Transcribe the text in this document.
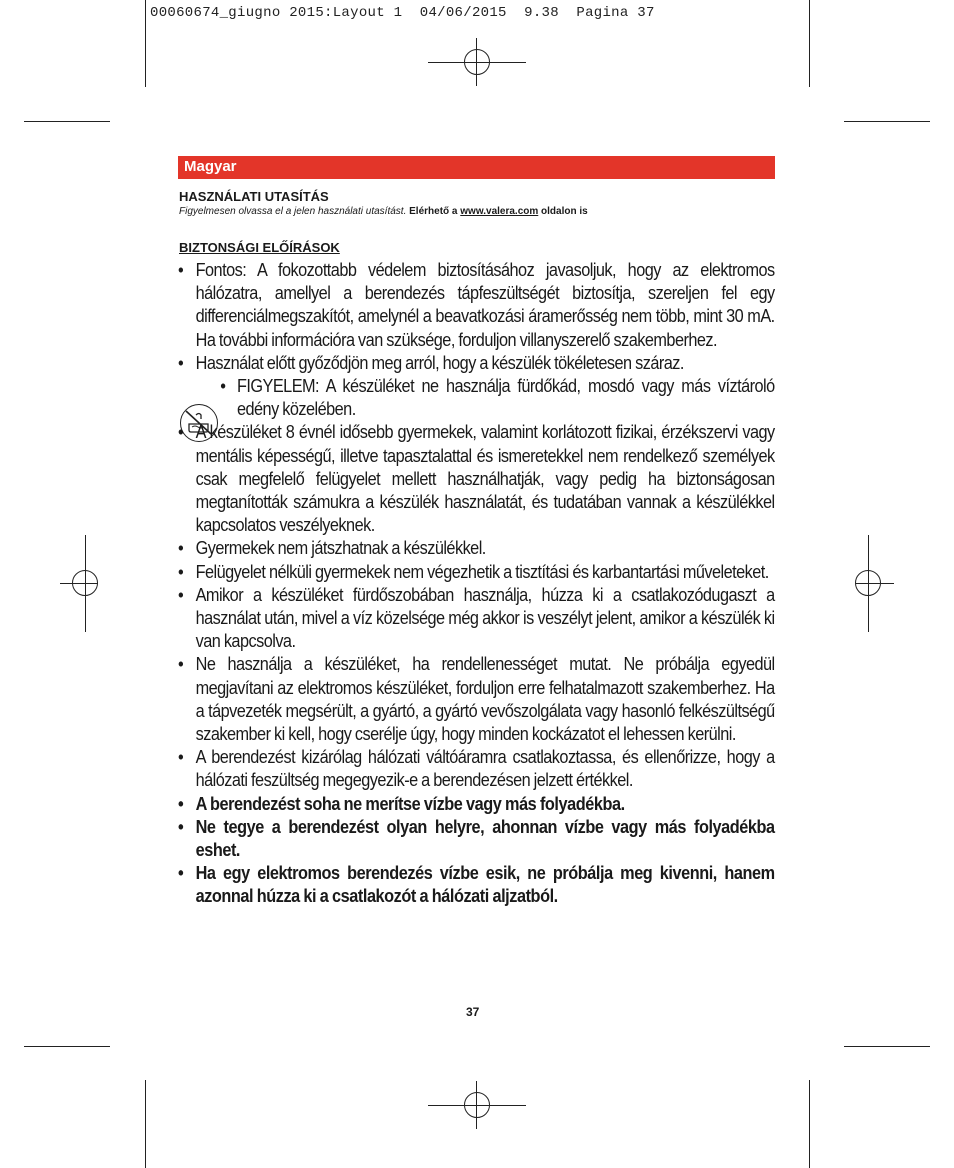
00060674_giugno 2015:Layout 1  04/06/2015  9.38  Pagina 37
Magyar
HASZNÁLATI UTASÍTÁS
Figyelmesen olvassa el a jelen használati utasítást. Elérhető a www.valera.com oldalon is
BIZTONSÁGI ELŐÍRÁSOK
• Fontos: A fokozottabb védelem biztosításához javasoljuk, hogy az elektromos hálózatra, amellyel a berendezés tápfeszültségét biztosítja, szereljen fel egy differenciálmegszakítót, amelynél a beavatkozási áramerősség nem több, mint 30 mA. Ha további információra van szüksége, forduljon villanyszerelő szakemberhez.
• Használat előtt győződjön meg arról, hogy a készülék tökéletesen száraz.
• FIGYELEM: A készüléket ne használja fürdőkád, mosdó vagy más víztároló edény közelében.
• A készüléket 8 évnél idősebb gyermekek, valamint korlátozott fizikai, érzékszervi vagy mentális képességű, illetve tapasztalattal és ismeretekkel nem rendelkező személyek csak megfelelő felügyelet mellett használhatják, vagy pedig ha biztonságosan megtanították számukra a készülék használatát, és tudatában vannak a készülékkel kapcsolatos veszélyeknek.
• Gyermekek nem játszhatnak a készülékkel.
• Felügyelet nélküli gyermekek nem végezhetik a tisztítási és karbantartási műveleteket.
• Amikor a készüléket fürdőszobában használja, húzza ki a csatlakozódugaszt a használat után, mivel a víz közelsége még akkor is veszélyt jelent, amikor a készülék ki van kapcsolva.
• Ne használja a készüléket, ha rendellenességet mutat. Ne próbálja egyedül megjavítani az elektromos készüléket, forduljon erre felhatalmazott szakemberhez. Ha a tápvezeték megsérült, a gyártó, a gyártó vevőszolgálata vagy hasonló felkészültségű szakember ki kell, hogy cserélje úgy, hogy minden kockázatot el lehessen kerülni.
• A berendezést kizárólag hálózati váltóáramra csatlakoztassa, és ellenőrizze, hogy a hálózati feszültség megegyezik-e a berendezésen jelzett értékkel.
• A berendezést soha ne merítse vízbe vagy más folyadékba.
• Ne tegye a berendezést olyan helyre, ahonnan vízbe vagy más folyadékba eshet.
• Ha egy elektromos berendezés vízbe esik, ne próbálja meg kivenni, hanem azonnal húzza ki a csatlakozót a hálózati aljzatból.
37
